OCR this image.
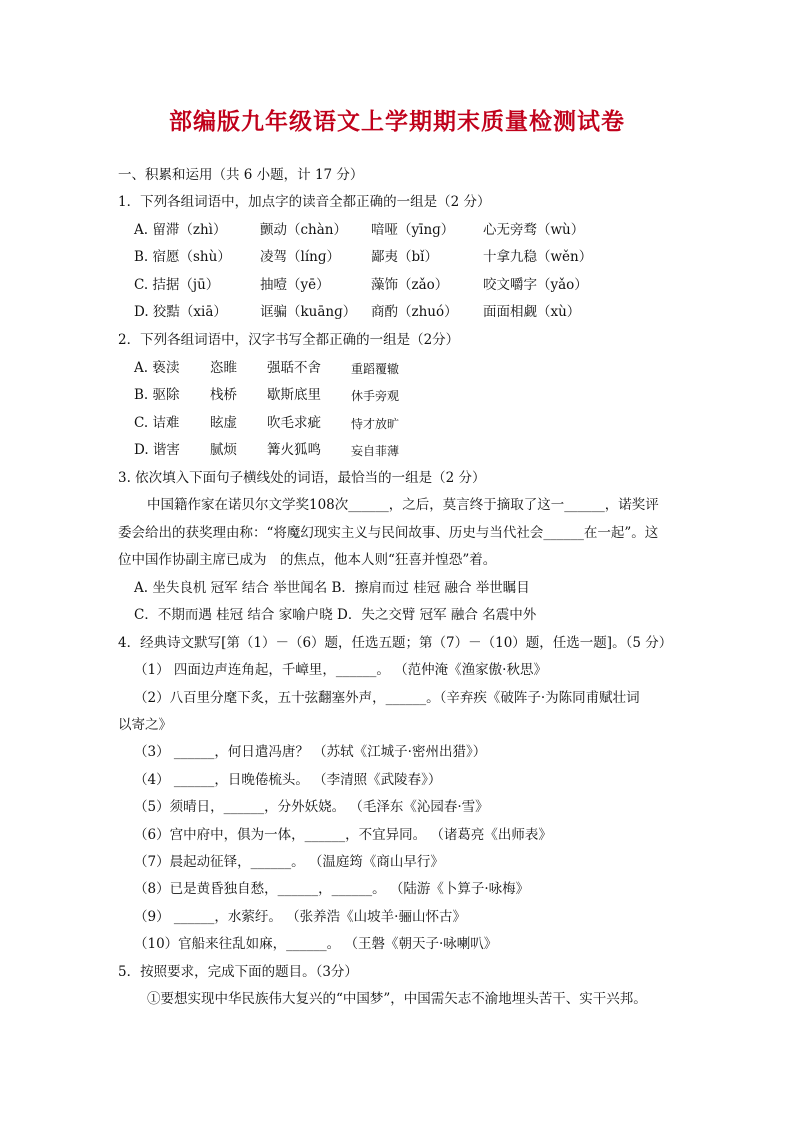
部编版九年级语文上学期期末质量检测试卷
一、积累和运用（共 6 小题，计 17 分）
1．下列各组词语中，加点字的读音全都正确的一组是（2 分）
A. 留滞（zhì） 颤动（chàn） 喑哑（yīnɡ） 心无旁骛（wù）
B. 宿愿（shù） 凌驾（línɡ） 鄙夷（bǐ）	十拿九稳（wěn）
C. 拮据（jū）	抽噎（yē）	藻饰（zǎo）	咬文嚼字（yǎo）
D. 狡黠（xiā） 诓骗（kuānɡ） 商酌（zhuó） 面面相觑（xù）
2．下列各组词语中，汉字书写全都正确的一组是（2分）
A. 亵渎 恣睢 强聒不舍	重蹈覆辙
B. 驱除 栈桥 歇斯底里	休手旁观
C. 诘难 眩虚 吹毛求疵	恃才放旷
D. 谐害 腻烦 篝火狐鸣	妄自菲薄
3. 依次填入下面句子横线处的词语，最恰当的一组是（2 分）
中国籍作家在诺贝尔文学奖108次______，之后，莫言终于摘取了这一______，诺奖评
委会给出的获奖理由称：“将魔幻现实主义与民间故事、历史与当代社会______在一起”。这
位中国作协副主席已成为　的焦点，他本人则“狂喜并惶恐”着。
A. 坐失良机 冠军 结合 举世闻名 B．擦肩而过 桂冠 融合 举世瞩目
C．不期而遇 桂冠 结合 家喻户晓 D．失之交臂 冠军 融合 名震中外
4．经典诗文默写[第（1）－（6）题，任选五题；第（7）－（10）题，任选一题]。（5 分）
（1） 四面边声连角起，千嶂里，______。 （范仲淹《渔家傲·秋思》
（2）八百里分麾下炙，五十弦翻塞外声，______。（辛弃疾《破阵子·为陈同甫赋壮词
以寄之》
（3） ______，何日遣冯唐？ （苏轼《江城子·密州出猎》）
（4） ______，日晚倦梳头。 （李清照《武陵春》）
（5）须晴日，______，分外妖娆。 （毛泽东《沁园春·雪》
（6）宫中府中，俱为一体，______，不宜异同。 （诸葛亮《出师表》
（7）晨起动征铎，______。 （温庭筠《商山早行》
（8）已是黄昏独自愁，______，______。 （陆游《卜算子·咏梅》
（9） ______，水萦纡。 （张养浩《山坡羊·骊山怀古》
（10）官船来往乱如麻，______。 （王磐《朝天子·咏喇叭》
5．按照要求，完成下面的题目。（3分）
①要想实现中华民族伟大复兴的“中国梦”，中国需矢志不渝地埋头苦干、实干兴邦。
